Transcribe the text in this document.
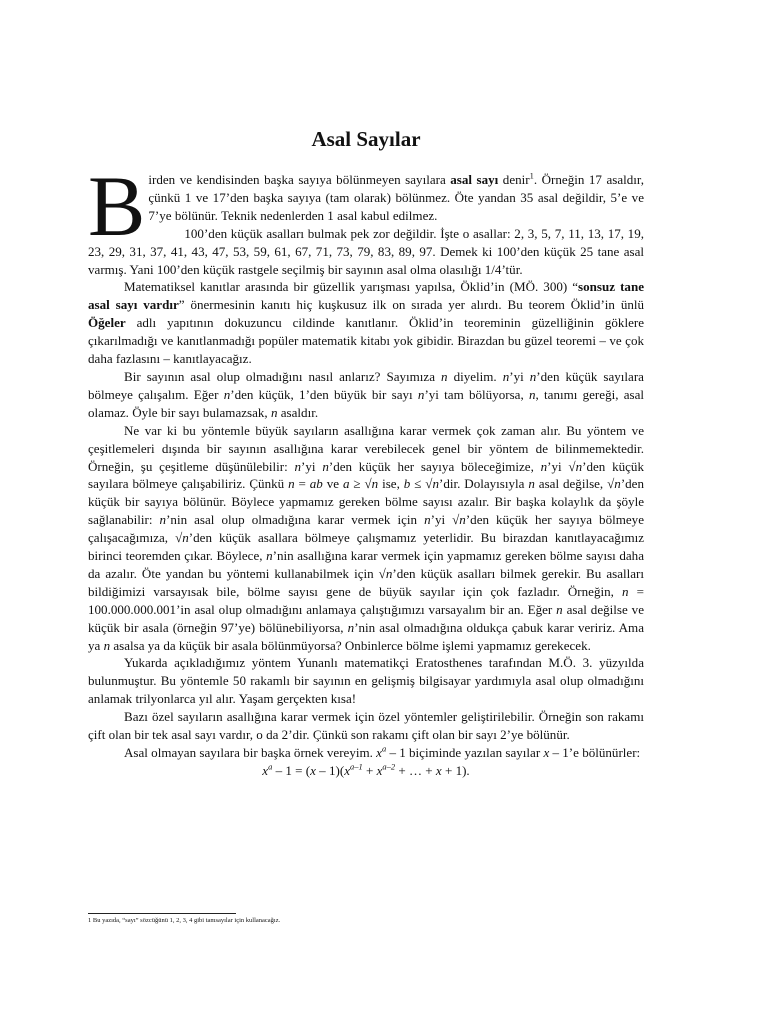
Asal Sayılar

Birden ve kendisinden başka sayıya bölünmeyen sayılara asal sayı denir$^1$. Örneğin 17 asaldır, çünkü 1 ve 17’den başka sayıya (tam olarak) bölünmez. Öte yandan 35 asal değildir, 5’e ve 7’ye bölünür. Teknik nedenlerden 1 asal kabul edilmez.

100’den küçük asalları bulmak pek zor değildir. İşte o asallar: 2, 3, 5, 7, 11, 13, 17, 19, 23, 29, 31, 37, 41, 43, 47, 53, 59, 61, 67, 71, 73, 79, 83, 89, 97. Demek ki 100’den küçük 25 tane asal varmış. Yani 100’den küçük rastgele seçilmiş bir sayının asal olma olasılığı 1/4’tür.

Matematiksel kanıtlar arasında bir güzellik yarışması yapılsa, Öklid’in (MÖ. 300) “sonsuz tane asal sayı vardır” önermesinin kanıtı hiç kuşkusuz ilk on sırada yer alırdı. Bu teorem Öklid’in ünlü Öğeler adlı yapıtının dokuzuncu cildinde kanıtlanır. Öklid’in teoreminin güzelliğinin göklere çıkarılmadığı ve kanıtlanmadığı popüler matematik kitabı yok gibidir. Birazdan bu güzel teoremi – ve çok daha fazlasını – kanıtlayacağız.

Bir sayının asal olup olmadığını nasıl anlarız? Sayımıza n diyelim. n’yi n’den küçük sayılara bölmeye çalışalım. Eğer n’den küçük, 1’den büyük bir sayı n’yi tam bölüyorsa, n, tanımı gereği, asal olamaz. Öyle bir sayı bulamazsak, n asaldır.

Ne var ki bu yöntemle büyük sayıların asallığına karar vermek çok zaman alır. Bu yöntem ve çeşitlemeleri dışında bir sayının asallığına karar verebilecek genel bir yöntem de bilinmemektedir. Örneğin, şu çeşitleme düşünülebilir: n’yi n’den küçük her sayıya böleceğimize, n’yi √n’den küçük sayılara bölmeye çalışabiliriz. Çünkü n = ab ve a ≥ √n ise, b ≤ √n’dir. Dolayısıyla n asal değilse, √n’den küçük bir sayıya bölünür. Böylece yapmamız gereken bölme sayısı azalır. Bir başka kolaylık da şöyle sağlanabilir: n’nin asal olup olmadığına karar vermek için n’yi √n’den küçük her sayıya bölmeye çalışacağımıza, √n’den küçük asallara bölmeye çalışmamız yeterlidir. Bu birazdan kanıtlayacağımız birinci teoremden çıkar. Böylece, n’nin asallığına karar vermek için yapmamız gereken bölme sayısı daha da azalır. Öte yandan bu yöntemi kullanabilmek için √n’den küçük asalları bilmek gerekir. Bu asalları bildiğimizi varsayısak bile, bölme sayısı gene de büyük sayılar için çok fazladır. Örneğin, n = 100.000.000.001’in asal olup olmadığını anlamaya çalıştığımızı varsayalım bir an. Eğer n asal değilse ve küçük bir asala (örneğin 97’ye) bölünebiliyorsa, n’nin asal olmadığına oldukça çabuk karar veririz. Ama ya n asalsa ya da küçük bir asala bölünmüyorsa? Onbinlerce bölme işlemi yapmamız gerekecek.

Yukarda açıkladığımız yöntem Yunanlı matematikçi Eratosthenes tarafından M.Ö. 3. yüzyılda bulunmuştur. Bu yöntemle 50 rakamlı bir sayının en gelişmiş bilgisayar yardımıyla asal olup olmadığını anlamak trilyonlarca yıl alır. Yaşam gerçekten kısa!

Bazı özel sayıların asallığına karar vermek için özel yöntemler geliştirilebilir. Örneğin son rakamı çift olan bir tek asal sayı vardır, o da 2’dir. Çünkü son rakamı çift olan bir sayı 2’ye bölünür.

Asal olmayan sayılara bir başka örnek vereyim. $x^a - 1$ biçiminde yazılan sayılar x – 1’e bölünürler:

$x^a - 1 = (x - 1)(x^{a-1} + x^{a-2}$ + … + x + 1).

1 Bu yazıda, “sayı” sözcüğünü 1, 2, 3, 4 gibi tamsayılar için kullanacağız.
